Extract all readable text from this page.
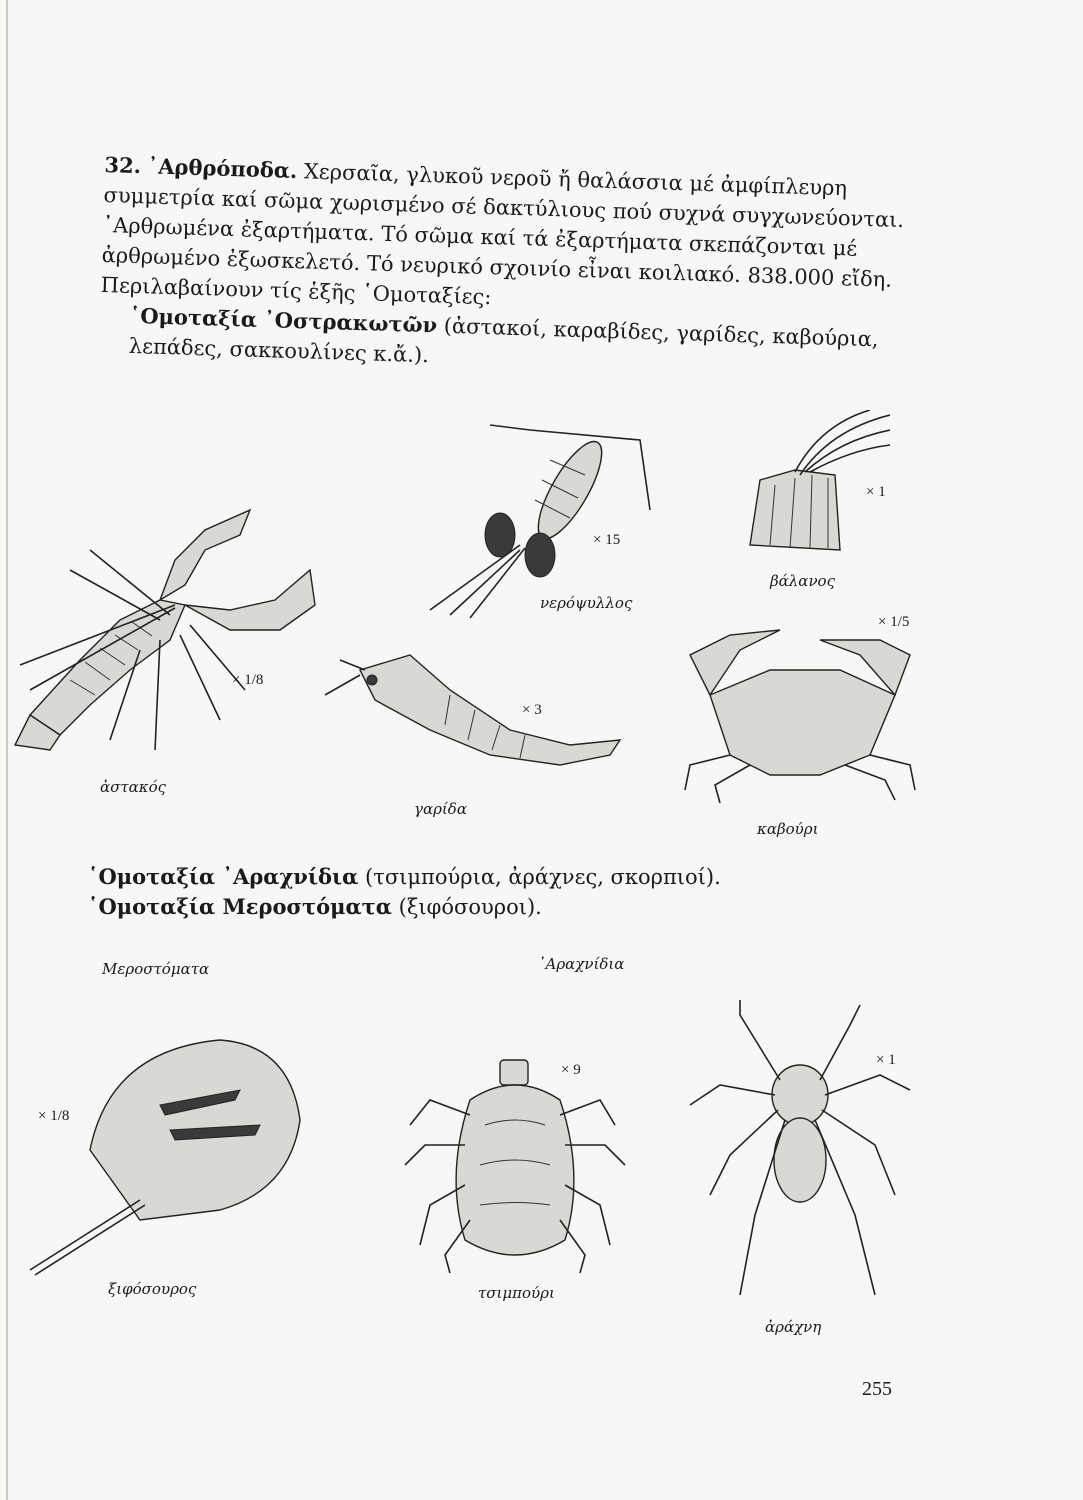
32. ᾿Αρθρόποδα. Χερσαῖα, γλυκοῦ νεροῦ ἤ θαλάσσια μέ ἀμφίπλευρη συμμετρία καί σῶμα χωρισμένο σέ δακτύλιους πού συχνά συγχωνεύονται. ᾿Αρθρωμένα ἐξαρτήματα. Τό σῶμα καί τά ἐξαρτήματα σκεπάζονται μέ ἀρθρωμένο ἐξωσκελετό. Τό νευρικό σχοινίο εἶναι κοιλιακό. 838.000 εἴδη. Περιλαβαίνουν τίς ἑξῆς ῾Ομοταξίες:
῾Ομοταξία ᾿Οστρακωτῶν (ἀστακοί, καραβίδες, γαρίδες, καβούρια, λεπάδες, σακκουλίνες κ.ἄ.).
× 1/8
ἀστακός
× 15
νερόψυλλος
× 1
βάλανος
× 3
γαρίδα
× 1/5
καβούρι
῾Ομοταξία ᾿Αραχνίδια (τσιμπούρια, ἀράχνες, σκορπιοί).
῾Ομοταξία Μεροστόματα (ξιφόσουροι).
Μεροστόματα	᾿Αραχνίδια
× 1/8
ξιφόσουρος
× 9
τσιμπούρι
× 1
ἀράχνη
255
